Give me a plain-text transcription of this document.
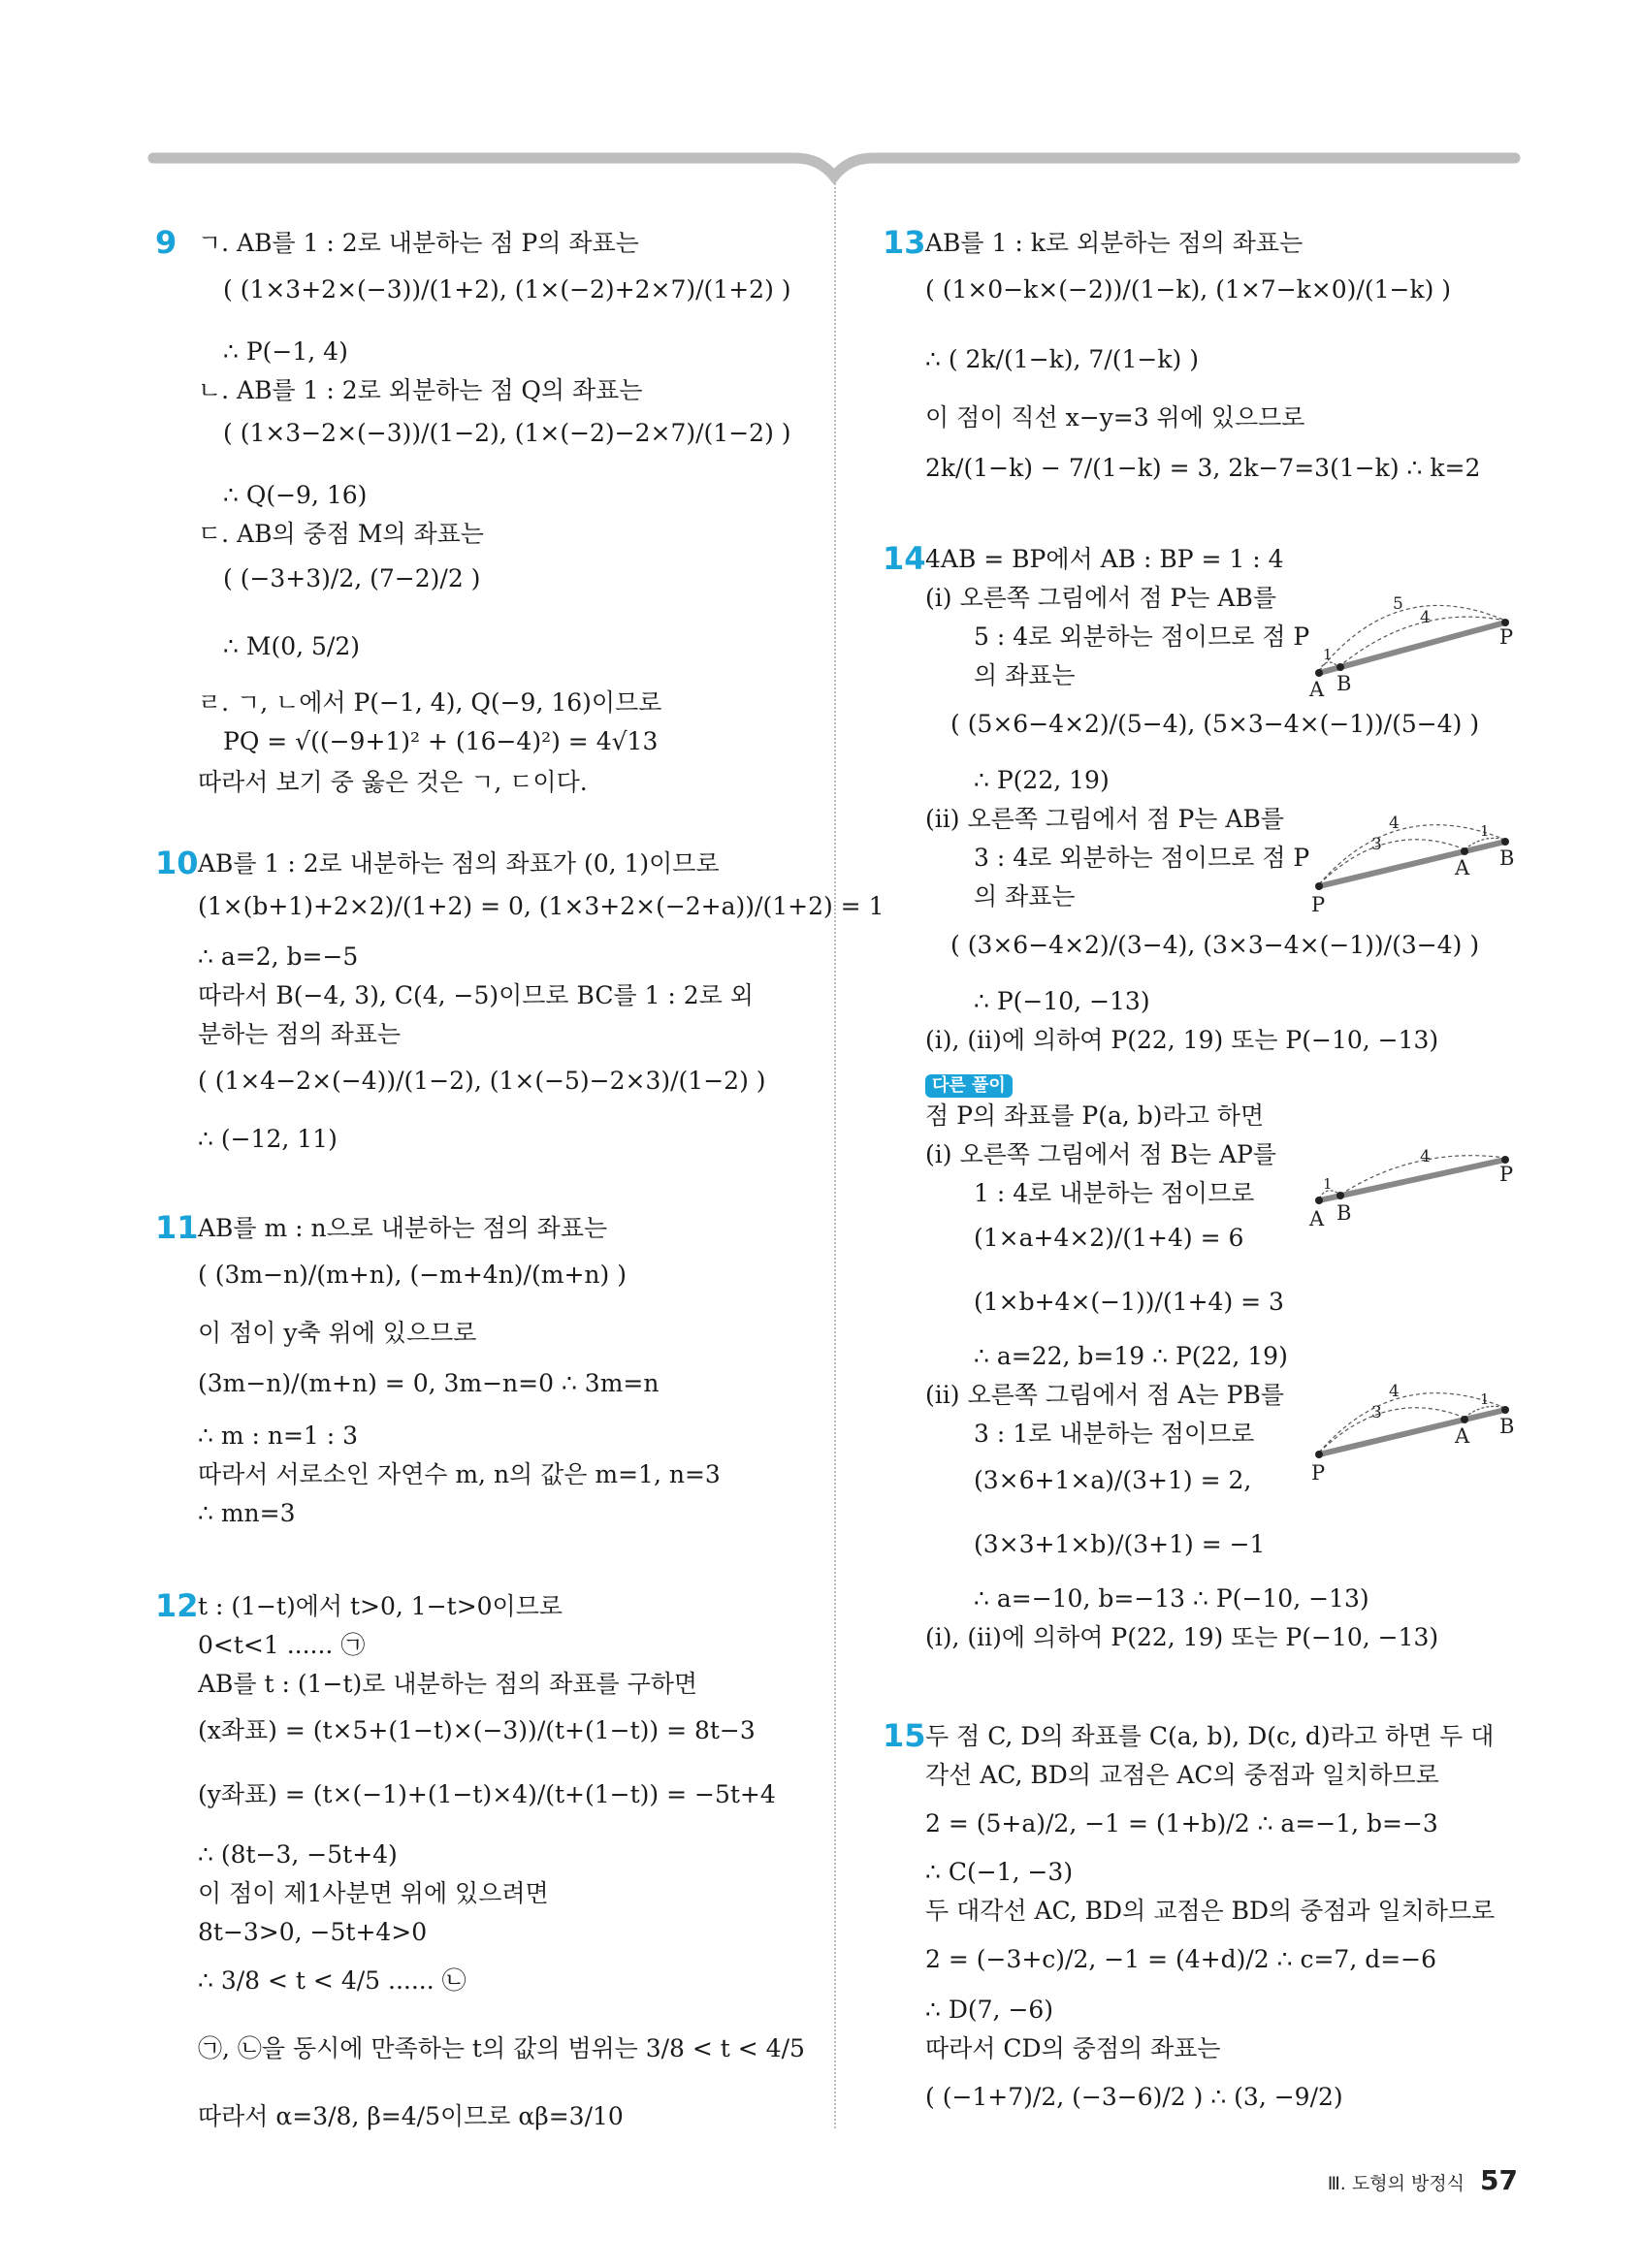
9 ㄱ. AB를 1 : 2로 내분하는 점 P의 좌표는
( (1×3+2×(−3))/(1+2), (1×(−2)+2×7)/(1+2) )
∴ P(−1, 4)
ㄴ. AB를 1 : 2로 외분하는 점 Q의 좌표는
( (1×3−2×(−3))/(1−2), (1×(−2)−2×7)/(1−2) )
∴ Q(−9, 16)
ㄷ. AB의 중점 M의 좌표는
( (−3+3)/2, (7−2)/2 )
∴ M(0, 5/2)
ㄹ. ㄱ, ㄴ에서 P(−1, 4), Q(−9, 16)이므로
PQ = √((−9+1)² + (16−4)²) = 4√13
따라서 보기 중 옳은 것은 ㄱ, ㄷ이다.
10 AB를 1 : 2로 내분하는 점의 좌표가 (0, 1)이므로
(1×(b+1)+2×2)/(1+2) = 0, (1×3+2×(−2+a))/(1+2) = 1
∴ a=2, b=−5
따라서 B(−4, 3), C(4, −5)이므로 BC를 1 : 2로 외
분하는 점의 좌표는
( (1×4−2×(−4))/(1−2), (1×(−5)−2×3)/(1−2) )
∴ (−12, 11)
11 AB를 m : n으로 내분하는 점의 좌표는
( (3m−n)/(m+n), (−m+4n)/(m+n) )
이 점이 y축 위에 있으므로
(3m−n)/(m+n) = 0, 3m−n=0 ∴ 3m=n
∴ m : n=1 : 3
따라서 서로소인 자연수 m, n의 값은 m=1, n=3
∴ mn=3
12 t : (1−t)에서 t>0, 1−t>0이므로
0<t<1 ...... ㉠
AB를 t : (1−t)로 내분하는 점의 좌표를 구하면
(x좌표) = (t×5+(1−t)×(−3))/(t+(1−t)) = 8t−3
(y좌표) = (t×(−1)+(1−t)×4)/(t+(1−t)) = −5t+4
∴ (8t−3, −5t+4)
이 점이 제1사분면 위에 있으려면
8t−3>0, −5t+4>0
∴ 3/8 < t < 4/5 ...... ㉡
㉠, ㉡을 동시에 만족하는 t의 값의 범위는 3/8 < t < 4/5
따라서 α=3/8, β=4/5이므로 αβ=3/10
13 AB를 1 : k로 외분하는 점의 좌표는
( (1×0−k×(−2))/(1−k), (1×7−k×0)/(1−k) )
∴ ( 2k/(1−k), 7/(1−k) )
이 점이 직선 x−y=3 위에 있으므로
2k/(1−k) − 7/(1−k) = 3, 2k−7=3(1−k) ∴ k=2
14 4AB = BP에서 AB : BP = 1 : 4
(ⅰ) 오른쪽 그림에서 점 P는 AB를
5 : 4로 외분하는 점이므로 점 P
의 좌표는
( (5×6−4×2)/(5−4), (5×3−4×(−1))/(5−4) )
∴ P(22, 19)
(ⅱ) 오른쪽 그림에서 점 P는 AB를
3 : 4로 외분하는 점이므로 점 P
의 좌표는
( (3×6−4×2)/(3−4), (3×3−4×(−1))/(3−4) )
∴ P(−10, −13)
(ⅰ), (ⅱ)에 의하여 P(22, 19) 또는 P(−10, −13)
다른 풀이
점 P의 좌표를 P(a, b)라고 하면
(ⅰ) 오른쪽 그림에서 점 B는 AP를
1 : 4로 내분하는 점이므로
(1×a+4×2)/(1+4) = 6
(1×b+4×(−1))/(1+4) = 3
∴ a=22, b=19 ∴ P(22, 19)
(ⅱ) 오른쪽 그림에서 점 A는 PB를
3 : 1로 내분하는 점이므로
(3×6+1×a)/(3+1) = 2,
(3×3+1×b)/(3+1) = −1
∴ a=−10, b=−13 ∴ P(−10, −13)
(ⅰ), (ⅱ)에 의하여 P(22, 19) 또는 P(−10, −13)
15 두 점 C, D의 좌표를 C(a, b), D(c, d)라고 하면 두 대
각선 AC, BD의 교점은 AC의 중점과 일치하므로
2 = (5+a)/2, −1 = (1+b)/2 ∴ a=−1, b=−3
∴ C(−1, −3)
두 대각선 AC, BD의 교점은 BD의 중점과 일치하므로
2 = (−3+c)/2, −1 = (4+d)/2 ∴ c=7, d=−6
∴ D(7, −6)
따라서 CD의 중점의 좌표는
( (−1+7)/2, (−3−6)/2 ) ∴ (3, −9/2)
A B
P
5
4
1
P
A B
4
3
1
A B
P
4
1
P
A B
4
3
1
Ⅲ. 도형의 방정식 57
